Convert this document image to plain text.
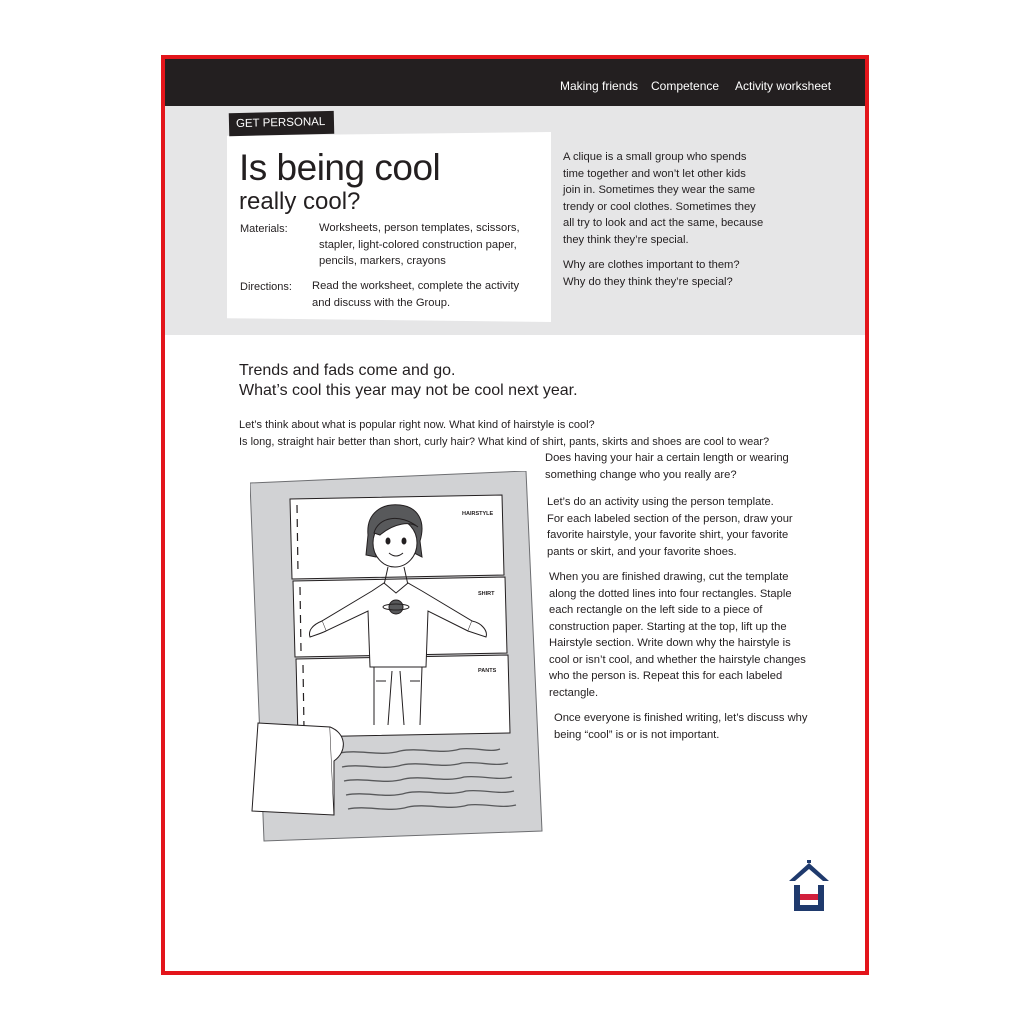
Making friends Competence Activity worksheet
GET PERSONAL
Is being cool
really cool?
Materials:	Worksheets, person templates, scissors,

stapler, light-colored construction paper,

pencils, markers, crayons

Directions: Read the worksheet, complete the activity

and discuss with the Group.

A clique is a small group who spends

time together and won’t let other kids

join in. Sometimes they wear the same

trendy or cool clothes. Sometimes they

all try to look and act the same, because

they think they’re special.

Why are clothes important to them?

Why do they think they’re special?

Trends and fads come and go.
What’s cool this year may not be cool next year.

Let’s think about what is popular right now. What kind of hairstyle is cool?

Is long, straight hair better than short, curly hair? What kind of shirt, pants, skirts and shoes are cool to wear?

Does having your hair a certain length or wearing

something change who you really are?

Let’s do an activity using the person template.

For each labeled section of the person, draw your

favorite hairstyle, your favorite shirt, your favorite

pants or skirt, and your favorite shoes.

When you are finished drawing, cut the template

along the dotted lines into four rectangles. Staple

each rectangle on the left side to a piece of

construction paper. Starting at the top, lift up the

Hairstyle section. Write down why the hairstyle is

cool or isn’t cool, and whether the hairstyle changes

who the person is. Repeat this for each labeled

rectangle.

Once everyone is finished writing, let’s discuss why

being “cool” is or is not important.

HAIRSTYLE
SHIRT
PANTS
